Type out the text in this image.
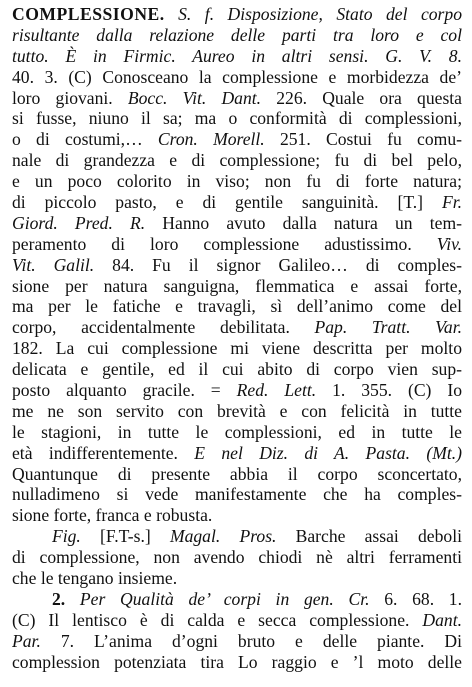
COMPLESSIONE. S. f. Disposizione, Stato del corpo
risultante dalla relazione delle parti tra loro e col
tutto. È in Firmic. Aureo in altri sensi. G. V. 8.
40. 3. (C) Conosceano la complessione e morbidezza de’
loro giovani. Bocc. Vit. Dant. 226. Quale ora questa
si fusse, niuno il sa; ma o conformità di complessioni,
o di costumi,… Cron. Morell. 251. Costui fu comu-
nale di grandezza e di complessione; fu di bel pelo,
e un poco colorito in viso; non fu di forte natura;
di piccolo pasto, e di gentile sanguinità. [T.] Fr.
Giord. Pred. R. Hanno avuto dalla natura un tem-
peramento di loro complessione adustissimo. Viv.
Vit. Galil. 84. Fu il signor Galileo… di comples-
sione per natura sanguigna, flemmatica e assai forte,
ma per le fatiche e travagli, sì dell’animo come del
corpo, accidentalmente debilitata. Pap. Tratt. Var.
182. La cui complessione mi viene descritta per molto
delicata e gentile, ed il cui abito di corpo vien sup-
posto alquanto gracile. = Red. Lett. 1. 355. (C) Io
me ne son servito con brevità e con felicità in tutte
le stagioni, in tutte le complessioni, ed in tutte le
età indifferentemente. E nel Diz. di A. Pasta. (Mt.)
Quantunque di presente abbia il corpo sconcertato,
nulladimeno si vede manifestamente che ha comples-
sione forte, franca e robusta.
Fig. [F.T-s.] Magal. Pros. Barche assai deboli
di complessione, non avendo chiodi nè altri ferramenti
che le tengano insieme.
2. Per Qualità de’ corpi in gen. Cr. 6. 68. 1.
(C) Il lentisco è di calda e secca complessione. Dant.
Par. 7. L’anima d’ogni bruto e delle piante. Di
complession potenziata tira Lo raggio e ’l moto delle
